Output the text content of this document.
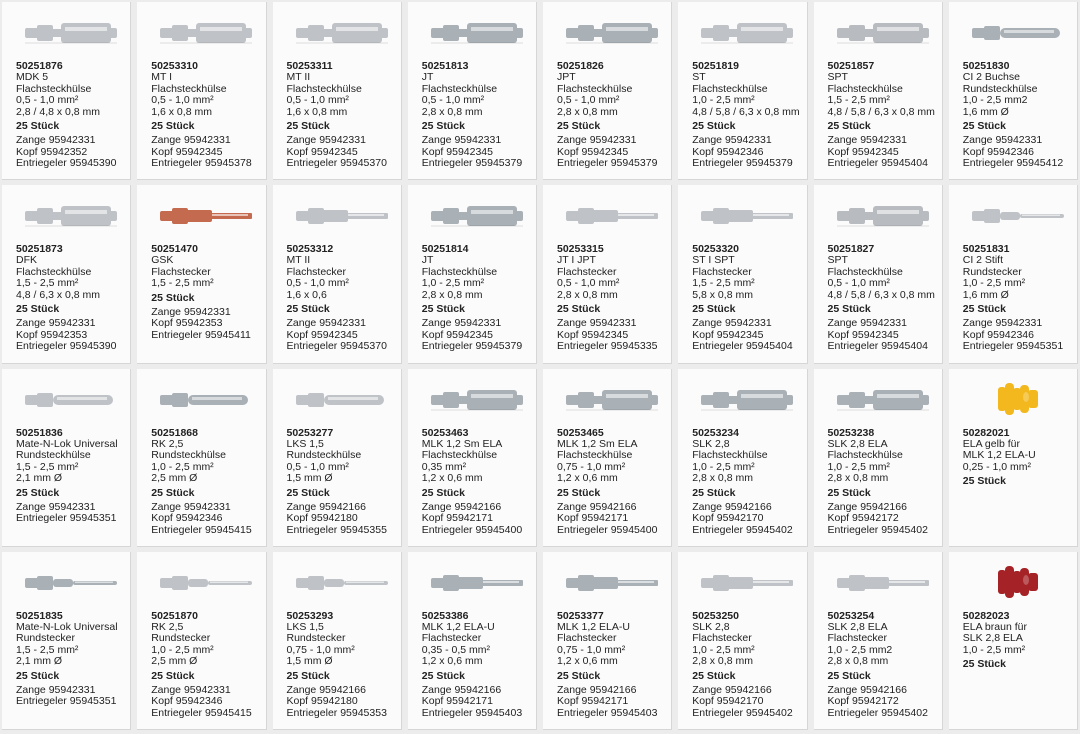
50251876
MDK 5
Flachsteckhülse
0,5 - 1,0 mm²
2,8 / 4,8 x 0,8 mm
25 Stück
Zange 95942331
Kopf 95942352
Entriegeler 95945390
50253310
MT I
Flachsteckhülse
0,5 - 1,0 mm²
1,6 x 0,8 mm
25 Stück
Zange 95942331
Kopf 95942345
Entriegeler 95945378
50253311
MT II
Flachsteckhülse
0,5 - 1,0 mm²
1,6 x 0,8 mm
25 Stück
Zange 95942331
Kopf 95942345
Entriegeler 95945370
50251813
JT
Flachsteckhülse
0,5 - 1,0 mm²
2,8 x 0,8 mm
25 Stück
Zange 95942331
Kopf 95942345
Entriegeler 95945379
50251826
JPT
Flachsteckhülse
0,5 - 1,0 mm²
2,8 x 0,8 mm
25 Stück
Zange 95942331
Kopf 95942345
Entriegeler 95945379
50251819
ST
Flachsteckhülse
1,0 - 2,5 mm²
4,8 / 5,8 / 6,3 x 0,8 mm
25 Stück
Zange 95942331
Kopf 95942346
Entriegeler 95945379
50251857
SPT
Flachsteckhülse
1,5 - 2,5 mm²
4,8 / 5,8 / 6,3 x 0,8 mm
25 Stück
Zange 95942331
Kopf 95942345
Entriegeler 95945404
50251830
CI 2 Buchse
Rundsteckhülse
1,0 - 2,5 mm2
1,6 mm Ø
25 Stück
Zange 95942331
Kopf 95942346
Entriegeler 95945412
50251873
DFK
Flachsteckhülse
1,5 - 2,5 mm²
4,8 / 6,3 x 0,8 mm
25 Stück
Zange 95942331
Kopf 95942353
Entriegeler 95945390
50251470
GSK
Flachstecker
1,5 - 2,5 mm²
25 Stück
Zange 95942331
Kopf 95942353
Entriegeler 95945411
50253312
MT II
Flachstecker
0,5 - 1,0 mm²
1,6 x 0,6
25 Stück
Zange 95942331
Kopf 95942345
Entriegeler 95945370
50251814
JT
Flachsteckhülse
1,0 - 2,5 mm²
2,8 x 0,8 mm
25 Stück
Zange 95942331
Kopf 95942345
Entriegeler 95945379
50253315
JT I JPT
Flachstecker
0,5 - 1,0 mm²
2,8 x 0,8 mm
25 Stück
Zange 95942331
Kopf 95942345
Entriegeler 95945335
50253320
ST I SPT
Flachstecker
1,5 - 2,5 mm²
5,8 x 0,8 mm
25 Stück
Zange 95942331
Kopf 95942345
Entriegeler 95945404
50251827
SPT
Flachsteckhülse
0,5 - 1,0 mm²
4,8 / 5,8 / 6,3 x 0,8 mm
25 Stück
Zange 95942331
Kopf 95942345
Entriegeler 95945404
50251831
CI 2 Stift
Rundstecker
1,0 - 2,5 mm²
1,6 mm Ø
25 Stück
Zange 95942331
Kopf 95942346
Entriegeler 95945351
50251836
Mate-N-Lok Universal
Rundsteckhülse
1,5 - 2,5 mm²
2,1 mm Ø
25 Stück
Zange 95942331
Entriegeler 95945351
50251868
RK 2,5
Rundsteckhülse
1,0 - 2,5 mm²
2,5 mm Ø
25 Stück
Zange 95942331
Kopf 95942346
Entriegeler 95945415
50253277
LKS 1,5
Rundsteckhülse
0,5 - 1,0 mm²
1,5 mm Ø
25 Stück
Zange 95942166
Kopf 95942180
Entriegeler 95945355
50253463
MLK 1,2 Sm ELA
Flachsteckhülse
0,35 mm²
1,2 x 0,6 mm
25 Stück
Zange 95942166
Kopf 95942171
Entriegeler 95945400
50253465
MLK 1,2 Sm ELA
Flachsteckhülse
0,75 - 1,0 mm²
1,2 x 0,6 mm
25 Stück
Zange 95942166
Kopf 95942171
Entriegeler 95945400
50253234
SLK 2,8
Flachsteckhülse
1,0 - 2,5 mm²
2,8 x 0,8 mm
25 Stück
Zange 95942166
Kopf 95942170
Entriegeler 95945402
50253238
SLK 2,8 ELA
Flachsteckhülse
1,0 - 2,5 mm²
2,8 x 0,8 mm
25 Stück
Zange 95942166
Kopf 95942172
Entriegeler 95945402
50282021
ELA gelb für
MLK 1,2 ELA-U
0,25 - 1,0 mm²
25 Stück
50251835
Mate-N-Lok Universal
Rundstecker
1,5 - 2,5 mm²
2,1 mm Ø
25 Stück
Zange 95942331
Entriegeler 95945351
50251870
RK 2,5
Rundstecker
1,0 - 2,5 mm²
2,5 mm Ø
25 Stück
Zange 95942331
Kopf 95942346
Entriegeler 95945415
50253293
LKS 1,5
Rundstecker
0,75 - 1,0 mm²
1,5 mm Ø
25 Stück
Zange 95942166
Kopf 95942180
Entriegeler 95945353
50253386
MLK 1,2 ELA-U
Flachstecker
0,35 - 0,5 mm²
1,2 x 0,6 mm
25 Stück
Zange 95942166
Kopf 95942171
Entriegeler 95945403
50253377
MLK 1,2 ELA-U
Flachstecker
0,75 - 1,0 mm²
1,2 x 0,6 mm
25 Stück
Zange 95942166
Kopf 95942171
Entriegeler 95945403
50253250
SLK 2,8
Flachstecker
1,0 - 2,5 mm²
2,8 x 0,8 mm
25 Stück
Zange 95942166
Kopf 95942170
Entriegeler 95945402
50253254
SLK 2,8 ELA
Flachstecker
1,0 - 2,5 mm2
2,8 x 0,8 mm
25 Stück
Zange 95942166
Kopf 95942172
Entriegeler 95945402
50282023
ELA braun für
SLK 2,8 ELA
1,0 - 2,5 mm²
25 Stück
